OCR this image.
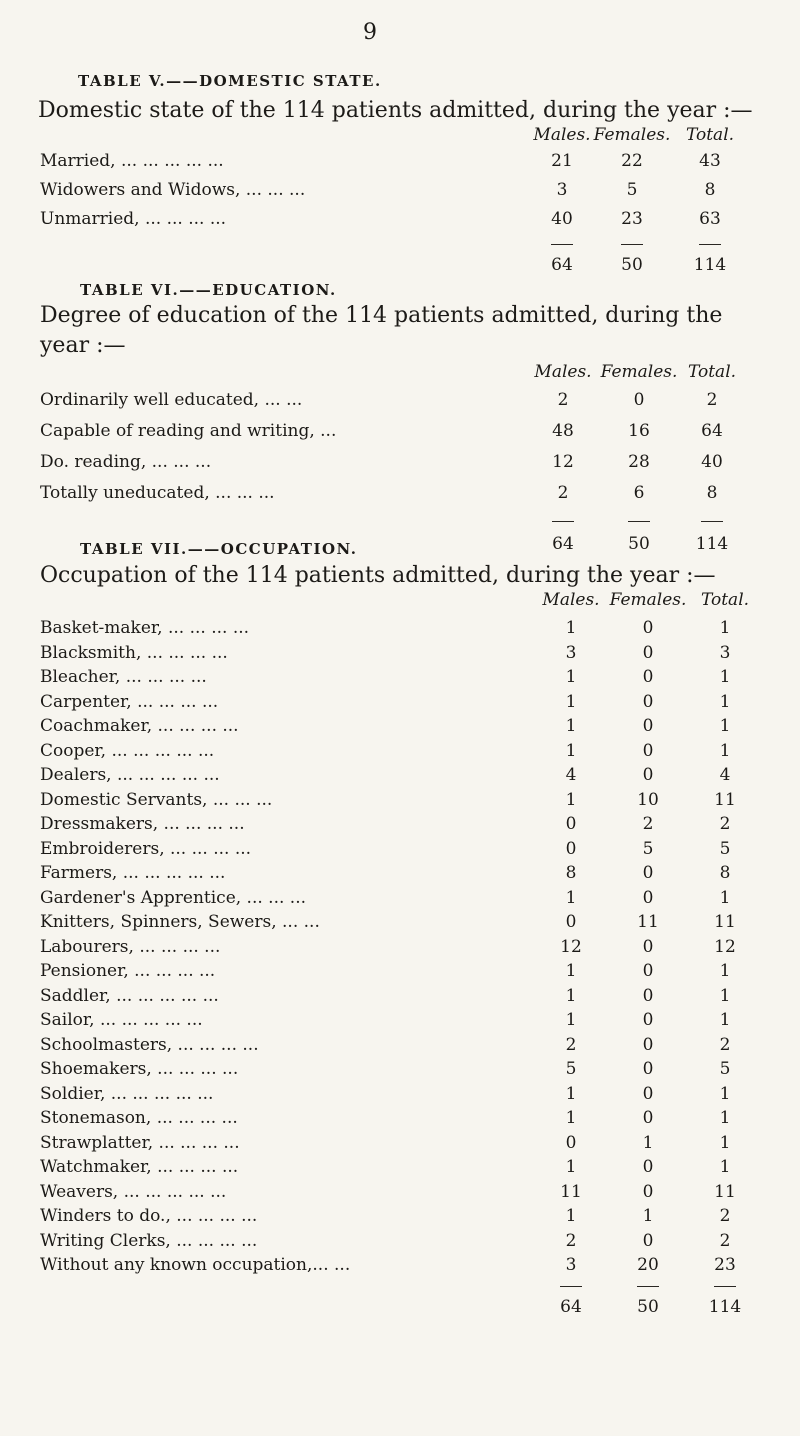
9
TABLE V.——DOMESTIC STATE.
Domestic state of the 114 patients admitted, during the year :—
Males. Females. Total.
Married, ... ... ... ... ...	21	22	43
Widowers and Widows, ... ... ...	3	5	8
Unmarried, ... ... ... ...	40	23	63
64	50	114
TABLE VI.——EDUCATION.
Degree of education of the 114 patients admitted, during the
year :—
Males. Females. Total.
Ordinarily well educated, ... ...	2	0	2
Capable of reading and writing, ...	48	16	64
Do. reading, ... ... ...	12	28	40
Totally uneducated, ... ... ...	2	6	8
64	50	114
TABLE VII.——OCCUPATION.
Occupation of the 114 patients admitted, during the year :—
Males. Females. Total.
Basket-maker, ... ... ... ...	1	0	1
Blacksmith, ... ... ... ...	3	0	3
Bleacher, ... ... ... ...	1	0	1
Carpenter, ... ... ... ...	1	0	1
Coachmaker, ... ... ... ...	1	0	1
Cooper, ... ... ... ... ...	1	0	1
Dealers, ... ... ... ... ...	4	0	4
Domestic Servants, ... ... ...	1	10	11
Dressmakers, ... ... ... ...	0	2	2
Embroiderers, ... ... ... ...	0	5	5
Farmers, ... ... ... ... ...	8	0	8
Gardener's Apprentice, ... ... ...	1	0	1
Knitters, Spinners, Sewers, ... ...	0	11	11
Labourers, ... ... ... ...	12	0	12
Pensioner, ... ... ... ...	1	0	1
Saddler, ... ... ... ... ...	1	0	1
Sailor, ... ... ... ... ...	1	0	1
Schoolmasters, ... ... ... ...	2	0	2
Shoemakers, ... ... ... ...	5	0	5
Soldier, ... ... ... ... ...	1	0	1
Stonemason, ... ... ... ...	1	0	1
Strawplatter, ... ... ... ...	0	1	1
Watchmaker, ... ... ... ...	1	0	1
Weavers, ... ... ... ... ...	11	0	11
Winders to do., ... ... ... ...	1	1	2
Writing Clerks, ... ... ... ...	2	0	2
Without any known occupation,... ...	3	20	23
64	50	114
